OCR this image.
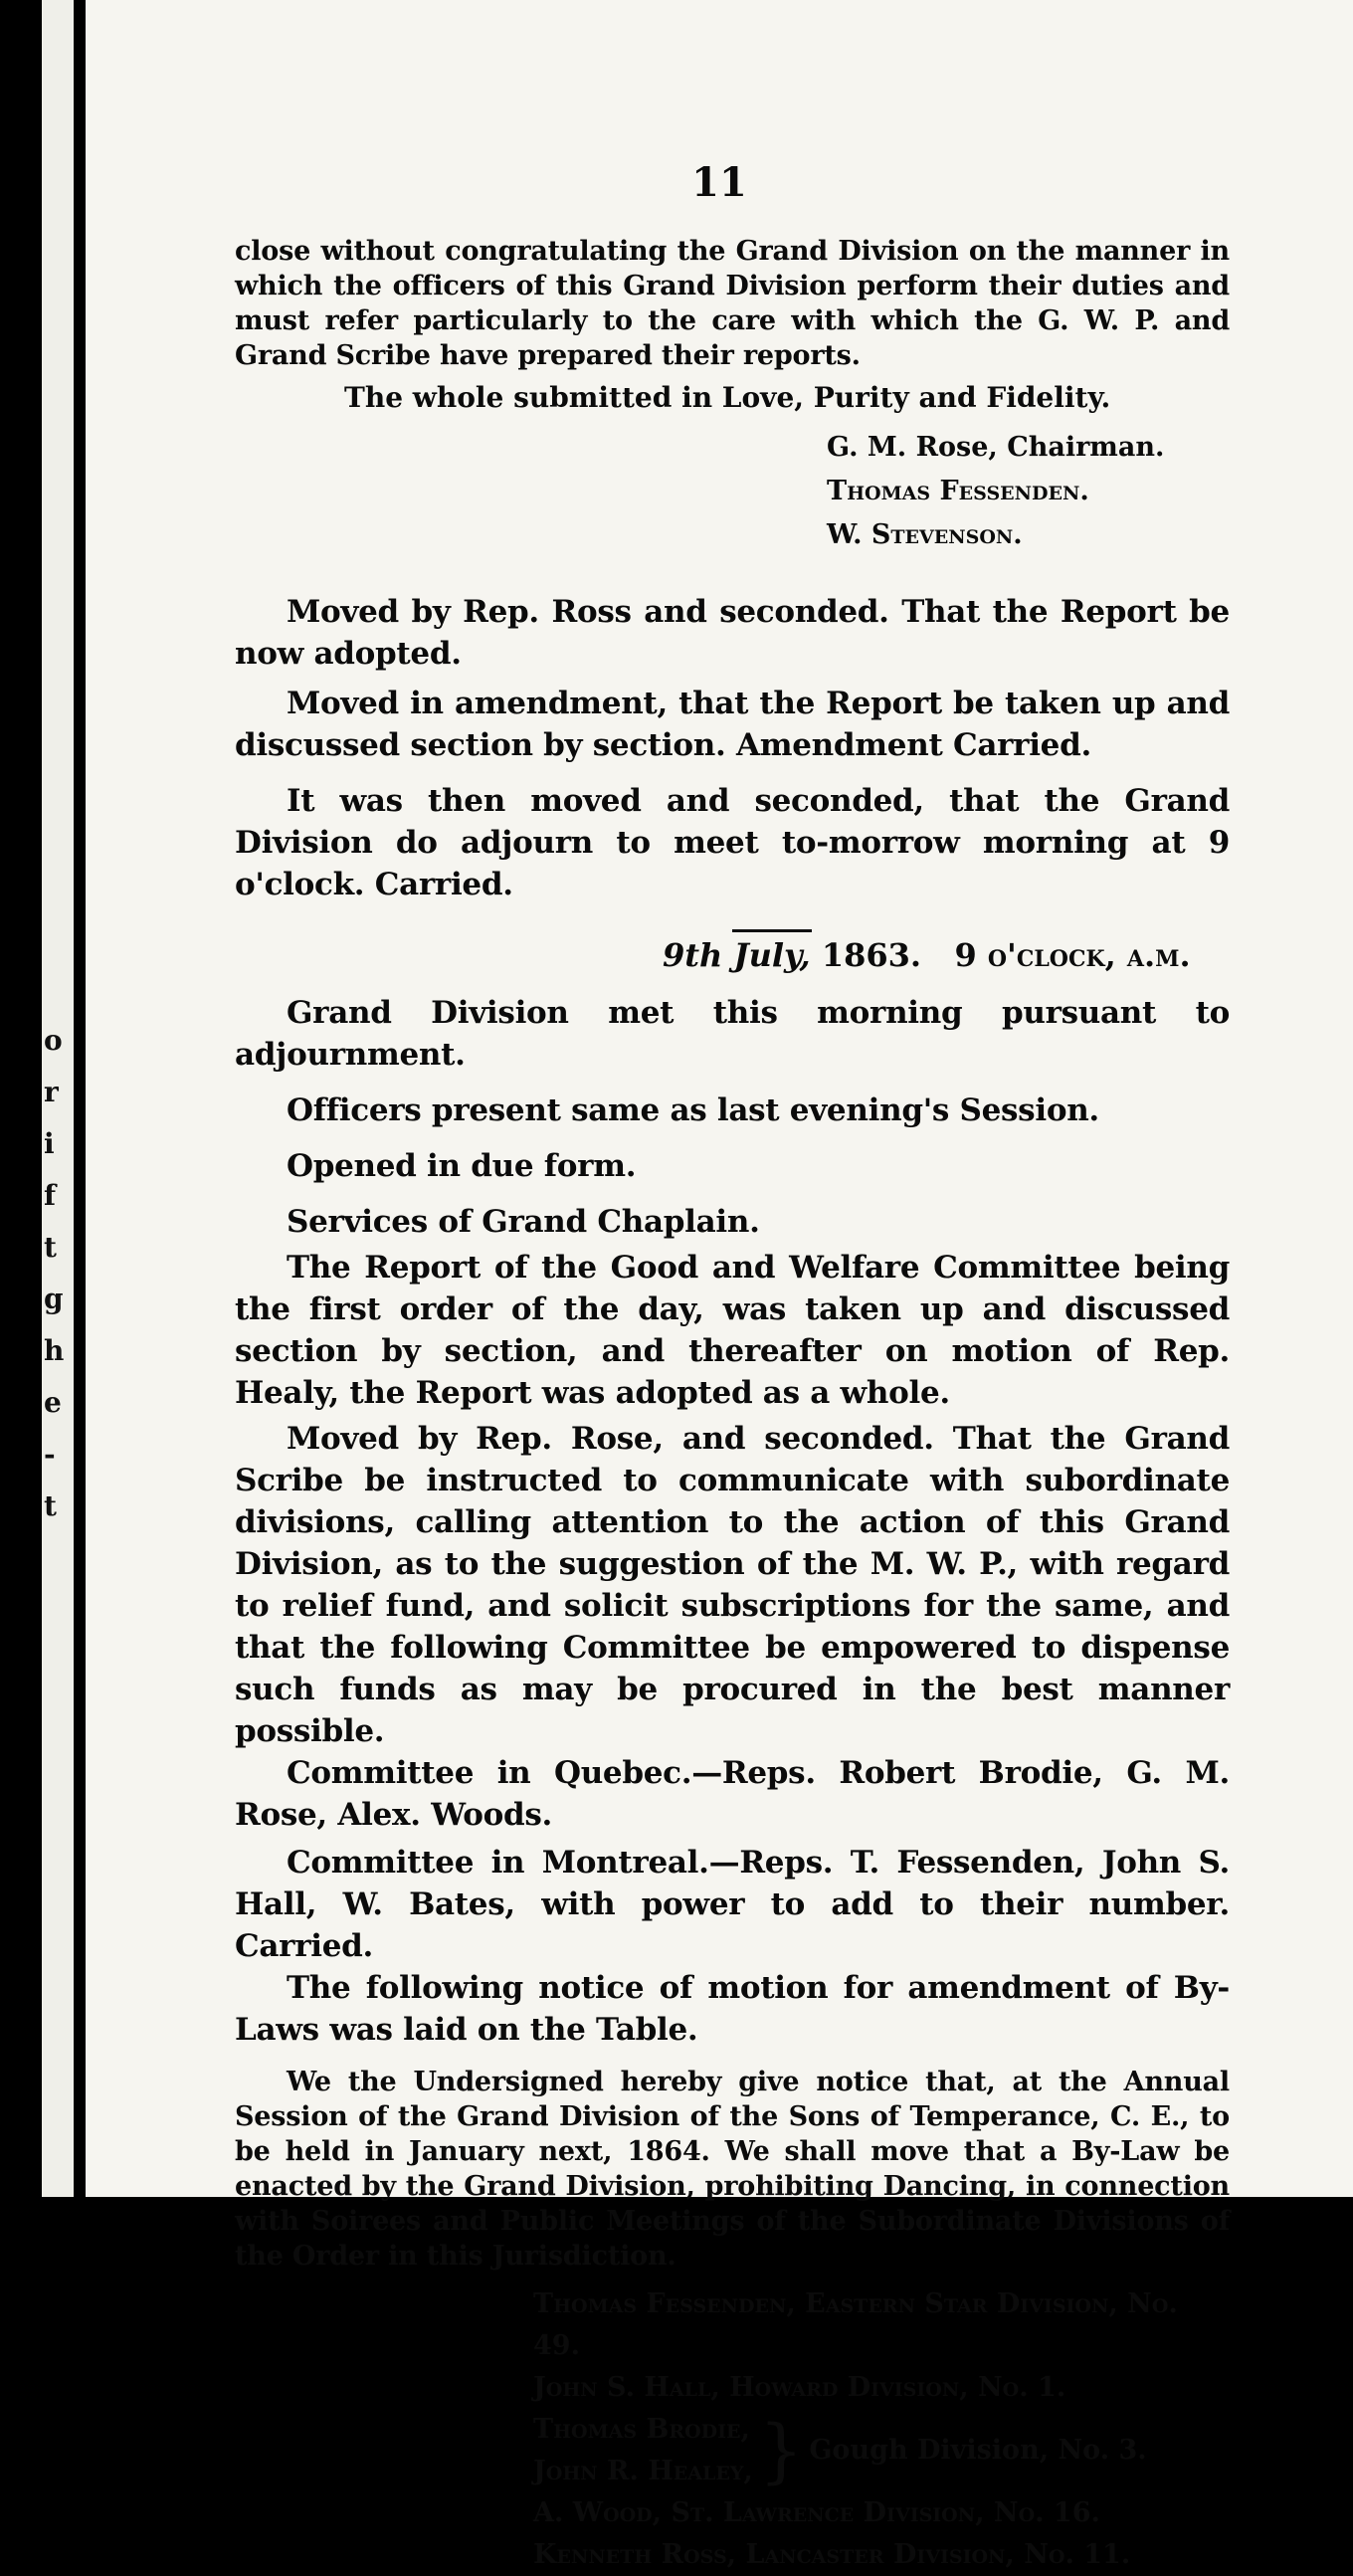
o
r
i
f
t
g
h
e
-
t
11

close without congratulating the Grand Division on the manner in which the officers of this Grand Division perform their duties and must refer particularly to the care with which the G. W. P. and Grand Scribe have prepared their reports.

The whole submitted in Love, Purity and Fidelity.

G. M. Rose, Chairman.
Thomas Fessenden.
W. Stevenson.

Moved by Rep. Ross and seconded. That the Report be now adopted.

Moved in amendment, that the Report be taken up and discussed section by section. Amendment Carried.

It was then moved and seconded, that the Grand Division do adjourn to meet to-morrow morning at 9 o'clock. Carried.

9th July, 1863. 9 o'clock, a.m.

Grand Division met this morning pursuant to adjournment.

Officers present same as last evening's Session.

Opened in due form.

Services of Grand Chaplain.

The Report of the Good and Welfare Committee being the first order of the day, was taken up and discussed section by section, and thereafter on motion of Rep. Healy, the Report was adopted as a whole.

Moved by Rep. Rose, and seconded. That the Grand Scribe be instructed to communicate with subordinate divisions, calling attention to the action of this Grand Division, as to the suggestion of the M. W. P., with regard to relief fund, and solicit subscriptions for the same, and that the following Committee be empowered to dispense such funds as may be procured in the best manner possible.

Committee in Quebec.—Reps. Robert Brodie, G. M. Rose, Alex. Woods.

Committee in Montreal.—Reps. T. Fessenden, John S. Hall, W. Bates, with power to add to their number. Carried.

The following notice of motion for amendment of By-Laws was laid on the Table.

We the Undersigned hereby give notice that, at the Annual Session of the Grand Division of the Sons of Temperance, C. E., to be held in January next, 1864. We shall move that a By-Law be enacted by the Grand Division, prohibiting Dancing, in connection with Soirees and Public Meetings of the Subordinate Divisions of the Order in this Jurisdiction.

Thomas Fessenden, Eastern Star Division, No. 49.
John S. Hall, Howard Division, No. 1.
Thomas Brodie,
John R. Healey, } Gough Division, No. 3.
A. Wood, St. Lawrence Division, No. 16.
Kenneth Ross, Lancaster Division, No. 11.
